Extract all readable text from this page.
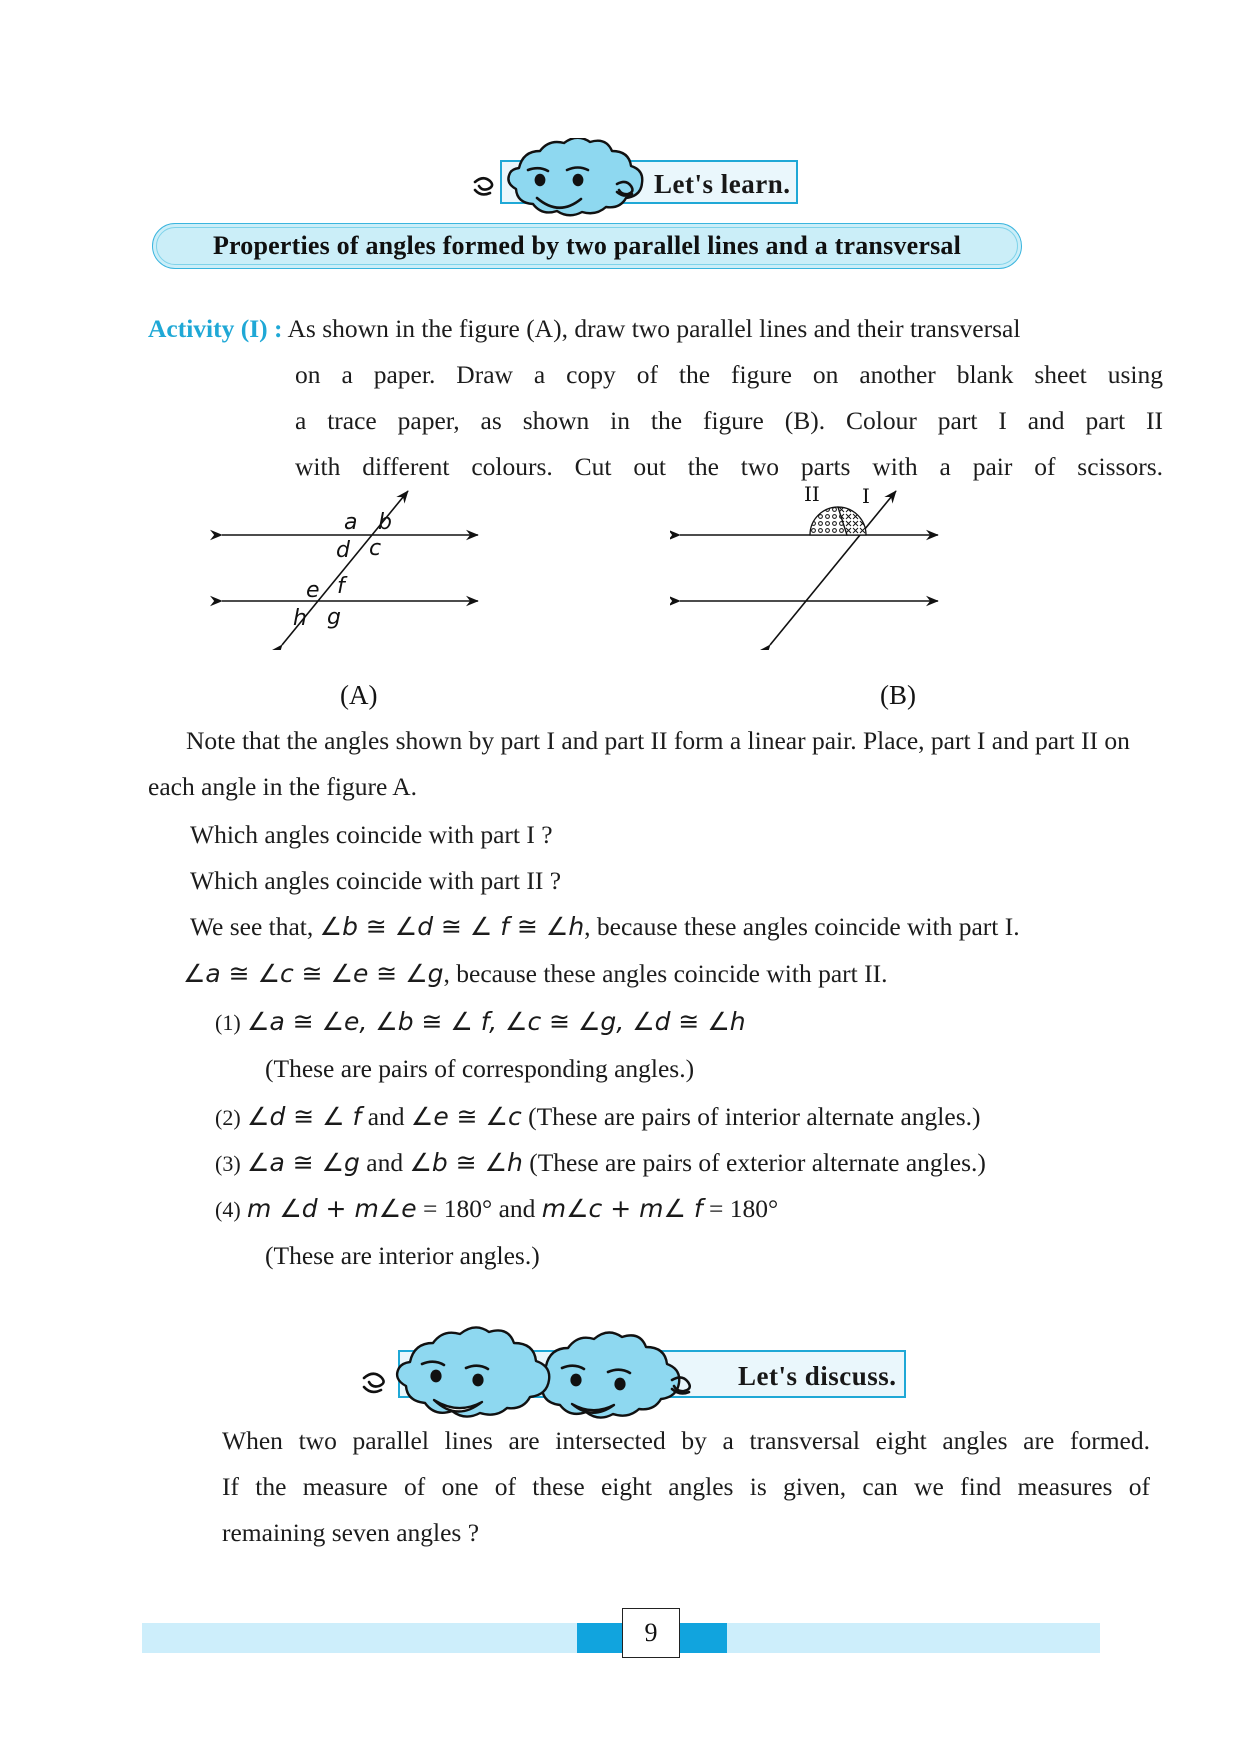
Let's learn.
Properties of angles formed by two parallel lines and a transversal
Activity (I) : As shown in the figure (A), draw two parallel lines and their transversal
on a paper. Draw a copy of the figure on another blank sheet using
a trace paper, as shown in the figure (B). Colour part I and part II
with different colours. Cut out the two parts with a pair of scissors.
a b
d c
e f
h g
(A)
II I
(B)
Note that the angles shown by part I and part II form a linear pair. Place, part I and part II on each angle in the figure A.
Which angles coincide with part I ?
Which angles coincide with part II ?
We see that, ∠b ≅ ∠d ≅ ∠ f ≅ ∠h, because these angles coincide with part I.
∠a ≅ ∠c ≅ ∠e ≅ ∠g, because these angles coincide with part II.
(1) ∠a ≅ ∠e, ∠b ≅ ∠ f, ∠c ≅ ∠g, ∠d ≅ ∠h
(These are pairs of corresponding angles.)
(2) ∠d ≅ ∠ f and ∠e ≅ ∠c (These are pairs of interior alternate angles.)
(3) ∠a ≅ ∠g and ∠b ≅ ∠h (These are pairs of exterior alternate angles.)
(4) m ∠d + m∠e = 180° and m∠c + m∠ f = 180°
(These are interior angles.)
Let's discuss.
When two parallel lines are intersected by a transversal eight angles are formed.
If the measure of one of these eight angles is given, can we find measures of
remaining seven angles ?
9
